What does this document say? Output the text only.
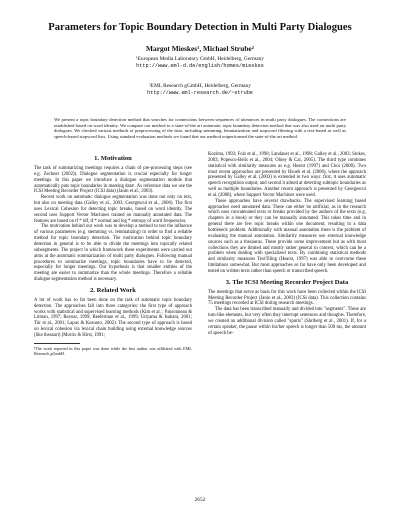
Parameters for Topic Boundary Detection in Multi Party Dialogues
Margot Mieskes¹, Michael Strube²
¹European Media Laboratory GmbH, Heidelberg, Germany
http://www.eml-d.de/english/homes/mieskes
²EML Research gGmbH, Heidelberg, Germany
http://www.eml-research.de/~strube
We present a topic boundary detection method that searches for connections between sequences of utterances in multi party dialogues. The connections are established based on word identity. We compare our method to a state-of-the art automatic topic boundary detection method that was also used on multi party dialogues. We checked various methods of preprocessing of the data, including stemming, lemmatization and stopword filtering with a text-based as well as speech-based stopword lists. Using standard evaluation methods we found that our method outperformed the state-of-the art method.
1. Motivation

The task of summarizing meetings requires a chain of pre-processing steps (see e.g. Zechner (2002)). Dialogue segmentation is crucial especially for longer meetings. In this paper we introduce a dialogue segmentation module that automatically puts topic boundaries in meeting data¹. As reference data we use the ICSI Meeting Recorder Project (ICSI data) (Janin et al., 2003).

Recent work on automatic dialogue segmentation was done not only on text, but also on meeting data (Galley et al., 2003; Georgescul et al., 2006). The first uses Lexical Cohesion for detecting topic breaks, based on word identity. The second uses Support Vector Machines trained on manually annotated data. The features are based on tf * idf, tf * normal and log * entropy of word frequencies.

The motivation behind our work was to develop a method to test the influence of various parameters (e.g. stemming vs. lemmatizing) in order to find a reliable method for topic boundary detection. The motivation behind topic boundary detection in general is to be able to divide the meetings into topically related subsegments. The project in which framework these experiments were carried out aims at the automatic summarization of multi party dialogues. Following manual procedures to summarize meetings, topic boundaries have to be detected, especially for longer meetings. Our hypothesis is that smaller entities of the meeting are easier to summarize than the whole meetings. Therefore a reliable dialogue segmentation method is necessary.

2. Related Work

A lot of work has so far been done on the task of automatic topic boundary detection. The approaches fall into three categories: the first type of approach works with statistical and supervised learning methods (Kim et al. ; Passonneau & Litman, 1997; Reynar, 1999; Beeferman et al., 1999; Utiyama & Isahara, 2001; Tür et al., 2001; Lapus & Kusuoto, 2002). The second type of approach is based on lexical cohesion via lexical chain building using external knowledge sources (like thesauri) (Morris & Hirst, 1991;

¹The work reported in this paper was done while the first author was affiliated with EML Research gGmbH.

Kozima, 1993; Folz et al., 1998; Landauer et al., 1998; Galley et al., 2003; Stokes, 2003; Popescu-Belis et al., 2004; Olney & Cai, 2005). The third type combines statistical with similarity measures as e.g. Hearst (1997) and Choi (2000). Two most recent approaches are presented by Hsueh et al. (2006), where the approach presented by Galley et al. (2003) is extended in two ways: first, it uses automatic speech recognition output, and second it aimed at detecting subtopic boundaries as well as multiple boundaries. Another recent approach is presented by Georgescul et al. (2008), where Support Vector Machines were used.

These approaches have several drawbacks. The supervised learning based approaches need annotated data. These can either be artificial, as in the research which uses concatenated texts or breaks provided by the authors of the texts (e.g. chapters in a book) or they can be manually annotated. This takes time and in general there are few topic breaks within one document, resulting in a data bottleneck problem. Additionally with manual annotation there is the problem of evaluating the manual annotation. Similarity measures use external knowledge sources such as a thesaurus. These provide some improvement but as with most collections they are limited and mostly rather general in context, which can be a problem when dealing with specialized texts. By combining statistical methods and similarity measures TextTiling (Hearst, 1997) was able to overcome these limitations somewhat. But most approaches so far have only been developed and tested on written texts rather than speech or transcribed speech.

3. The ICSI Meeting Recorder Project Data

The meetings that serve as basis for this work have been collected within the ICSI Meeting Recorder Project (Janin et al., 2003) (ICSI data). This collection contains 75 meetings recorded at ICSI during research meetings.

The data has been transcribed manually and divided into "segments". These are turn-like elements, but very often they interrupt sentences and thoughts. Therefore, we created an additional division called "spurts" (Shriberg et al., 2001). If, for a certain speaker, the pause within his/her speech is longer than 500 ms, the amount of speech be-

2652
